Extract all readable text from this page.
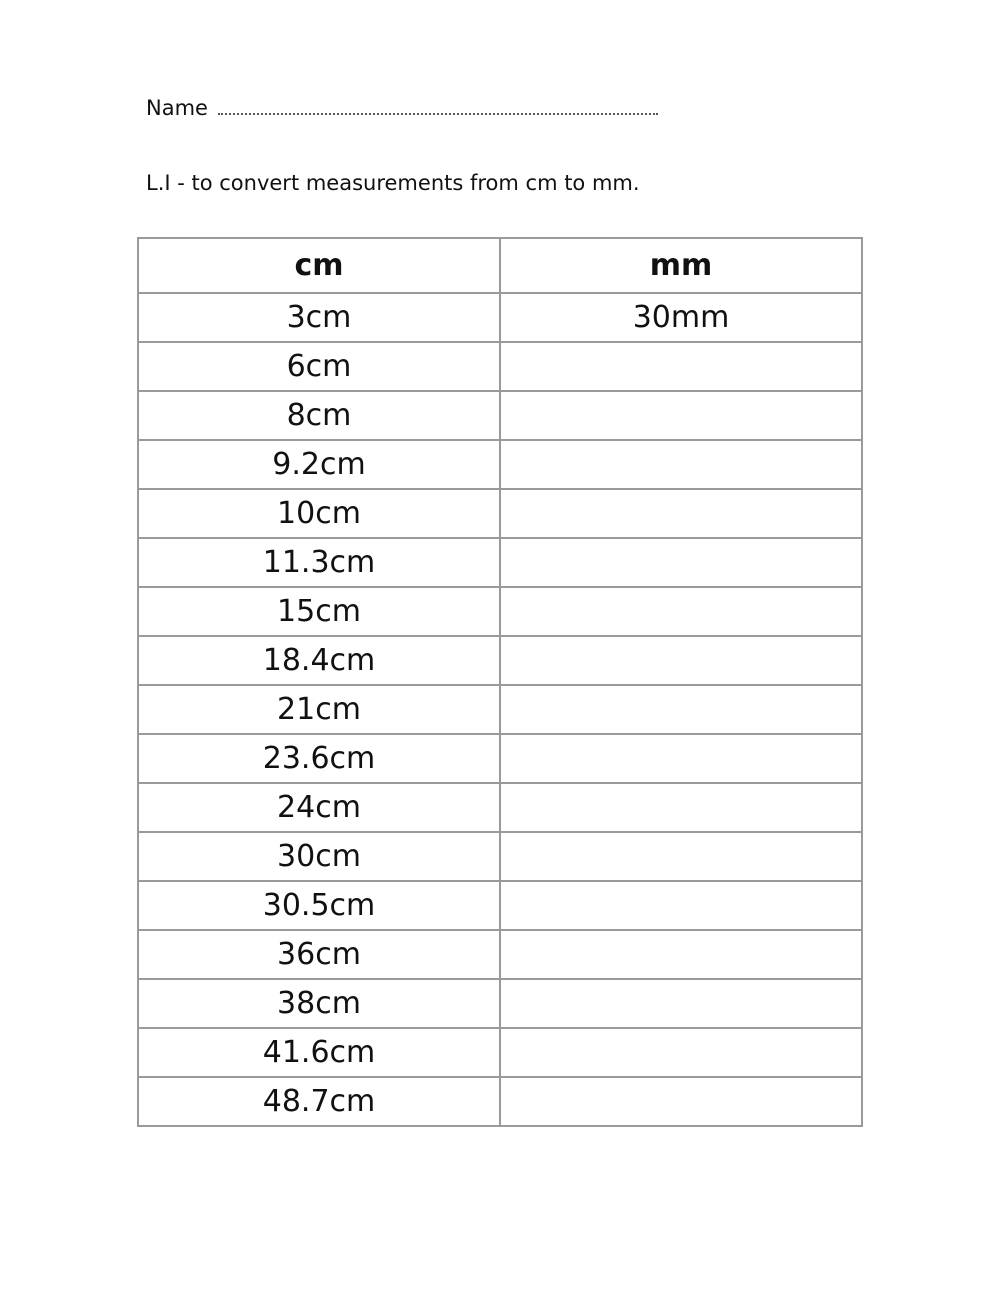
Name
L.I - to convert measurements from cm to mm.
cm	mm
3cm	30mm
6cm	
8cm	
9.2cm	
10cm	
11.3cm	
15cm	
18.4cm	
21cm	
23.6cm	
24cm	
30cm	
30.5cm	
36cm	
38cm	
41.6cm	
48.7cm	
